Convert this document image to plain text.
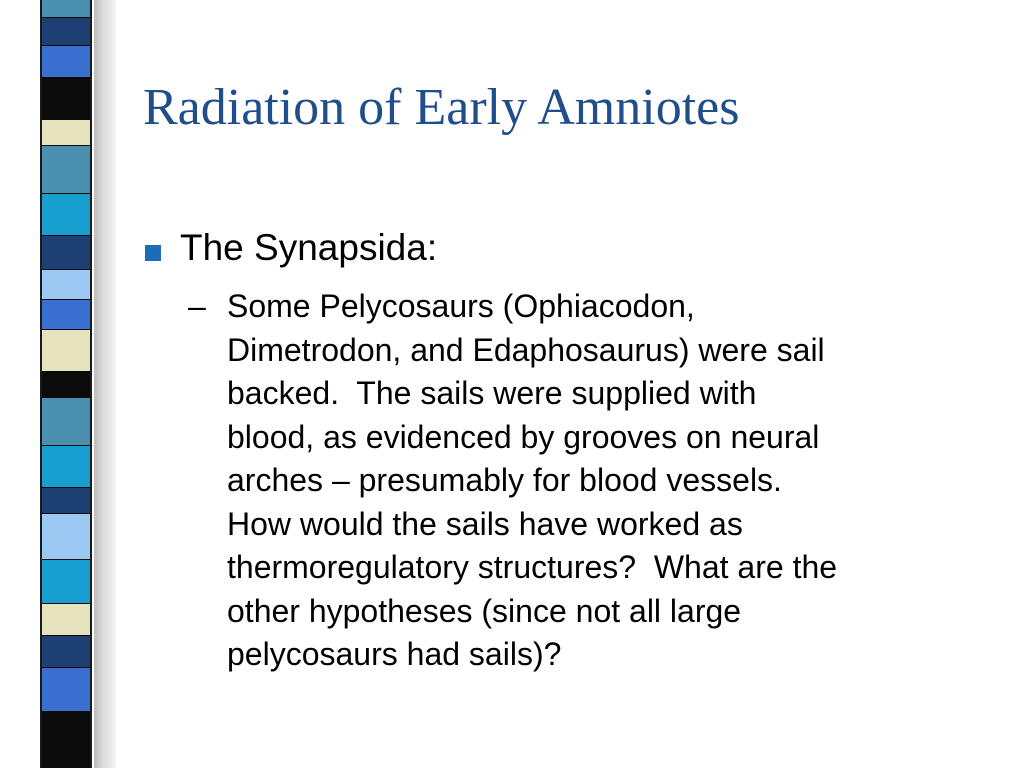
Radiation of Early Amniotes
The Synapsida:
– Some Pelycosaurs (Ophiacodon,
Dimetrodon, and Edaphosaurus) were sail
backed.  The sails were supplied with
blood, as evidenced by grooves on neural
arches – presumably for blood vessels.
How would the sails have worked as
thermoregulatory structures?  What are the
other hypotheses (since not all large
pelycosaurs had sails)?
